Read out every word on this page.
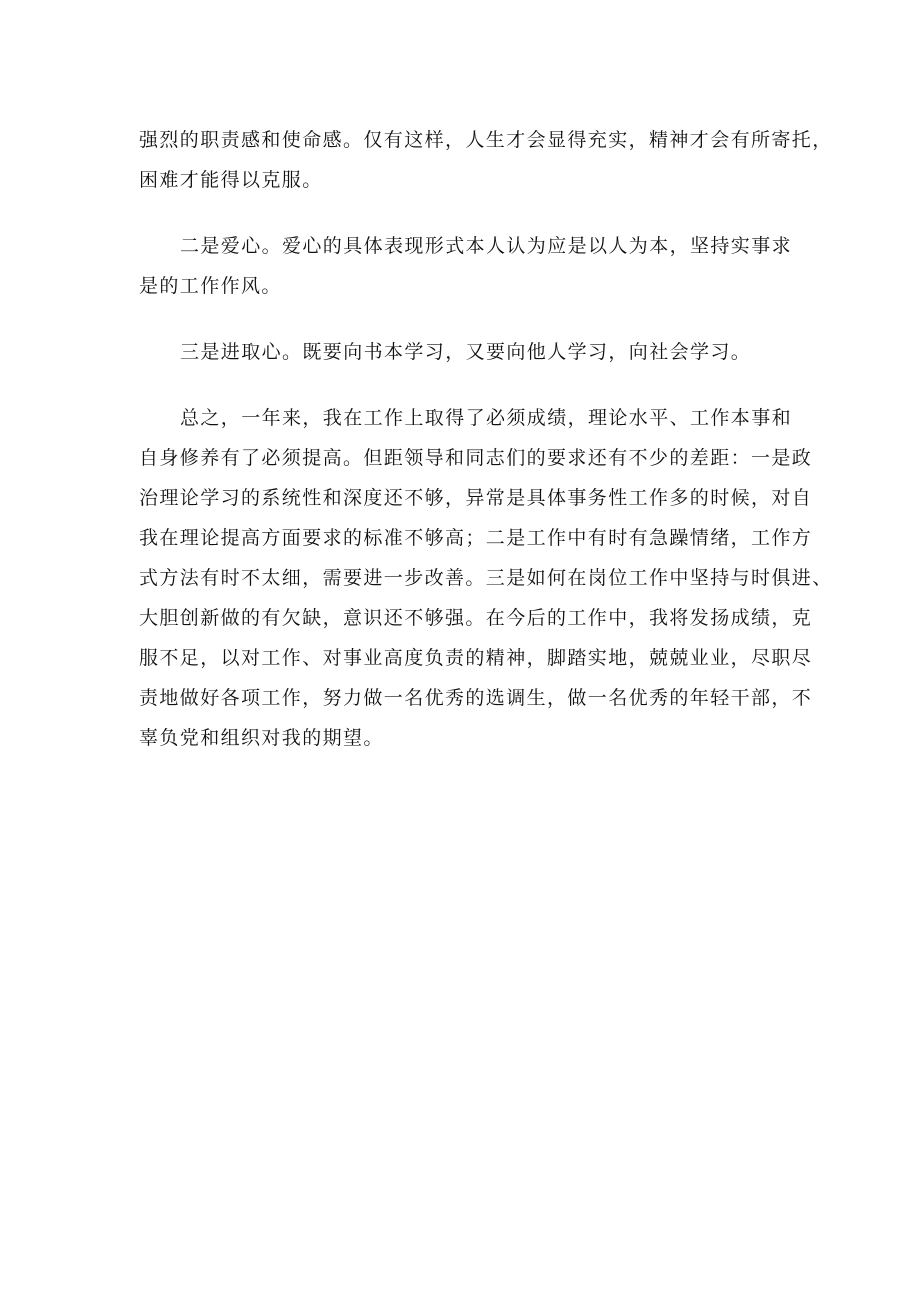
强烈的职责感和使命感。仅有这样，人生才会显得充实，精神才会有所寄托，
困难才能得以克服。

二是爱心。爱心的具体表现形式本人认为应是以人为本，坚持实事求
是的工作作风。

三是进取心。既要向书本学习，又要向他人学习，向社会学习。

总之，一年来，我在工作上取得了必须成绩，理论水平、工作本事和
自身修养有了必须提高。但距领导和同志们的要求还有不少的差距：一是政
治理论学习的系统性和深度还不够，异常是具体事务性工作多的时候，对自
我在理论提高方面要求的标准不够高；二是工作中有时有急躁情绪，工作方
式方法有时不太细，需要进一步改善。三是如何在岗位工作中坚持与时俱进、
大胆创新做的有欠缺，意识还不够强。在今后的工作中，我将发扬成绩，克
服不足，以对工作、对事业高度负责的精神，脚踏实地，兢兢业业，尽职尽
责地做好各项工作，努力做一名优秀的选调生，做一名优秀的年轻干部，不
辜负党和组织对我的期望。
